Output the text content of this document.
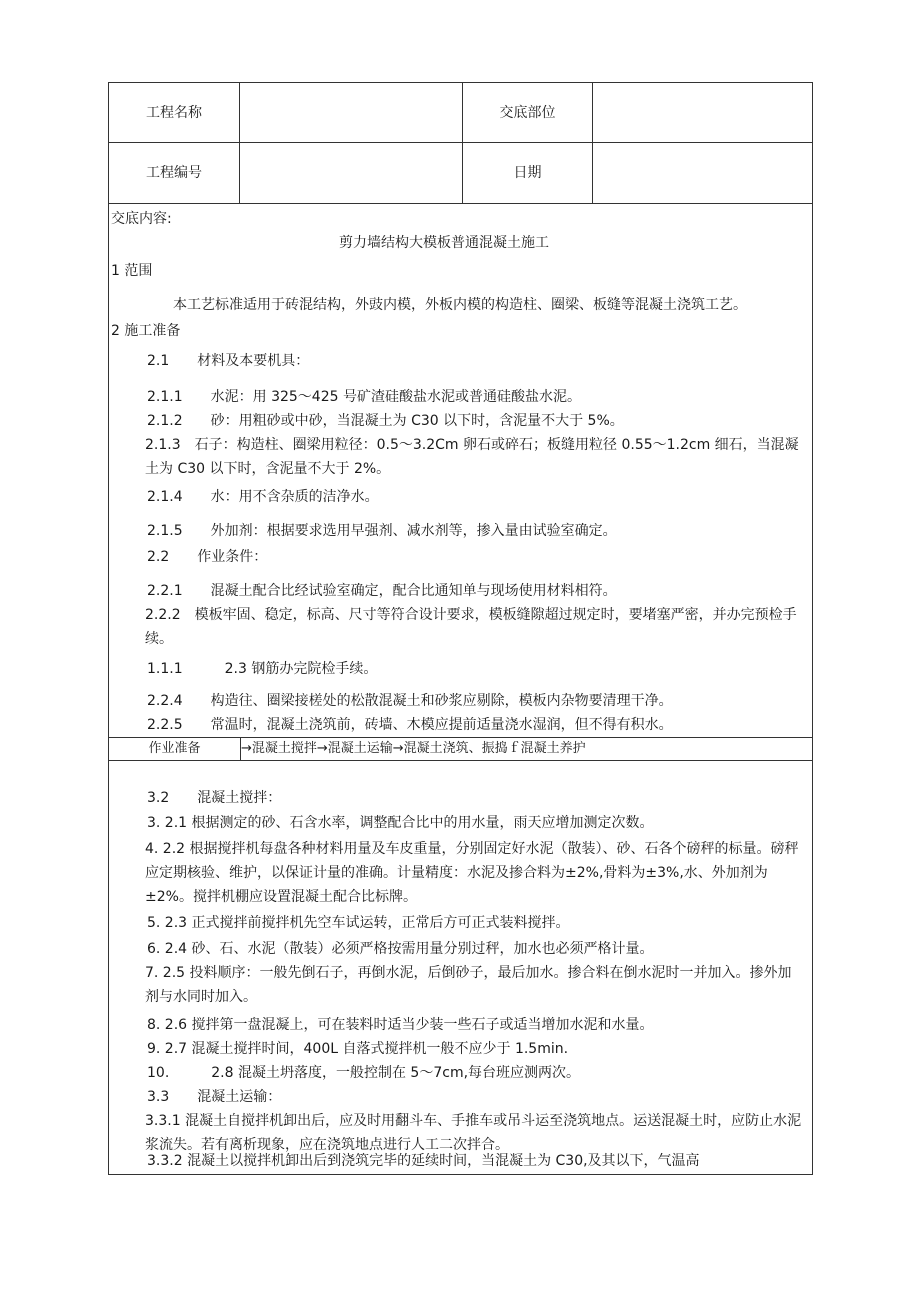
工程名称	交底部位
工程编号	日期
交底内容:
剪力墙结构大模板普通混凝土施工
1 范围
本工艺标准适用于砖混结构，外豉内模，外板内模的构造柱、圈梁、板缝等混凝土浇筑工艺。
2 施工准备
2.1　　材料及本要机具：
2.1.1　　水泥：用 325～425 号矿渣硅酸盐水泥或普通硅酸盐水泥。
2.1.2　　砂：用粗砂或中砂，当混凝土为 C30 以下时，含泥量不大于 5%。
2.1.3　石子：构造柱、圈梁用粒径：0.5～3.2Cm 卵石或碎石；板缝用粒径 0.55～1.2cm 细石，当混凝土为 C30 以下时，含泥量不大于 2%。
2.1.4　　水：用不含杂质的洁净水。
2.1.5　　外加剂：根据要求选用早强剂、减水剂等，掺入量由试验室确定。
2.2　　作业条件：
2.2.1　　混凝土配合比经试验室确定，配合比通知单与现场使用材料相符。
2.2.2　模板牢固、稳定，标高、尺寸等符合设计要求，模板缝隙超过规定时，要堵塞严密，并办完预检手续。
1.1.1　　　2.3 钢筋办完院检手续。
2.2.4　　构造往、圈梁接槎处的松散混凝土和砂浆应剔除，模板内杂物要清理干净。
2.2.5　　常温时，混凝土浇筑前，砖墙、木模应提前适量浇水湿润，但不得有积水。
作业准备	→混凝土搅拌→混凝土运输→混凝土浇筑、振捣ｆ混凝土养护
3.2　　混凝土搅拌：
3. 2.1 根据测定的砂、石含水率，调整配合比中的用水量，雨天应增加测定次数。
4. 2.2 根据搅拌机每盘各种材料用量及车皮重量，分别固定好水泥（散装）、砂、石各个磅秤的标量。磅秤应定期核验、维护，以保证计量的准确。计量精度：水泥及掺合料为±2%,骨料为±3%,水、外加剂为±2%。搅拌机棚应设置混凝土配合比标牌。
5. 2.3 正式搅拌前搅拌机先空车试运转，正常后方可正式装料搅拌。
6. 2.4 砂、石、水泥（散装）必须严格按需用量分别过秤，加水也必须严格计量。
7. 2.5 投料顺序：一般先倒石子，再倒水泥，后倒砂子，最后加水。掺合料在倒水泥时一并加入。掺外加剂与水同时加入。
8. 2.6 搅拌第一盘混凝上，可在装料时适当少装一些石子或适当增加水泥和水量。
9. 2.7 混凝土搅拌时间，400L 自落式搅拌机一般不应少于 1.5min.
10.　　　2.8 混凝土坍落度，一般控制在 5～7cm,每台班应测两次。
3.3　　混凝土运输：
3.3.1 混凝土自搅拌机卸出后，应及时用翻斗车、手推车或吊斗运至浇筑地点。运送混凝土时，应防止水泥浆流失。若有离析现象，应在浇筑地点进行人工二次拌合。
3.3.2 混凝土以搅拌机卸出后到浇筑完毕的延续时间，当混凝土为 C30,及其以下，气温高
